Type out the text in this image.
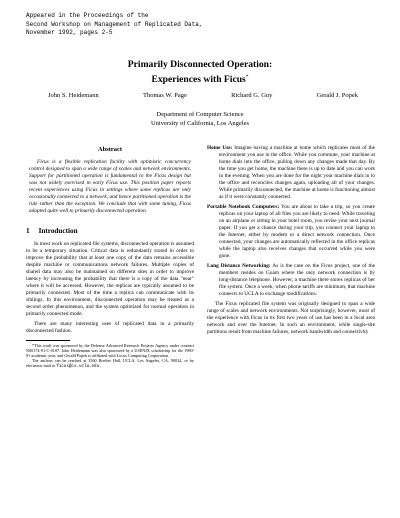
Appeared in the Proceedings of the
Second Workshop on Management of Replicated Data,
November 1992, pages 2-5
Primarily Disconnected Operation:
Experiences with Ficus*
John S. Heidemann	Thomas W. Page	Richard G. Guy	Gerald J. Popek
Department of Computer Science
University of California, Los Angeles
Abstract

Ficus is a flexible replication facility with optimistic concurrency control designed to span a wide range of scales and network environments. Support for partitioned operation is fundamental to the Ficus design but was not widely exercised in early Ficus use. This position paper reports recent experiences using Ficus in settings where some replicas are only occasionally connected to a network, and hence partitioned operation is the rule rather than the exception. We conclude that with some tuning, Ficus adapted quite well to primarily disconnected operation.

1 Introduction

In most work on replicated file systems, disconnected operation is assumed to be a temporary situation. Critical data is redundantly stored in order to improve the probability that at least one copy of the data remains accessible despite machine or communications network failures. Multiple copies of shared data may also be maintained on different sites in order to improve latency by increasing the probability that there is a copy of the data "near" where it will be accessed. However, the replicas are typically assumed to be primarily connected. Most of the time a replica can communicate with its siblings. In this environment, disconnected operation may be treated as a second order phenomenon, and the system optimized for normal operation in primarily connected mode.

There are many interesting uses of replicated data in a primarily disconnected fashion.

*This work was sponsored by the Defense Advanced Research Projects Agency under contract N00174-91-C-0107. John Heidemann was also sponsored by a USENIX scholarship for the 1990-91 academic year, and Gerald Popek is affiliated with Locus Computing Corporation.

The authors can be reached at 3560 Boelter Hall, UCLA, Los Angeles, CA, 90024, or by electronic mail to ficus@cs.ucla.edu.

Home Use: Imagine having a machine at home which replicates most of the environment you use in the office. While you commute, your machine at home dials into the office, pulling down any changes made that day. By the time you get home, the machine there is up to date and you can work in the evening. When you are done for the night your machine dials in to the office and reconciles changes again, uploading all of your changes. While primarily disconnected, the machine at home is functioning almost as if it were constantly connected.

Portable Notebook Computers: You are about to take a trip, so you create replicas on your laptop of all files you are likely to need. While traveling on an airplane or sitting in your hotel room, you revise your next journal paper. If you get a chance during your trip, you connect your laptop to the Internet, either by modem or a direct network connection. Once connected, your changes are automatically reflected in the office replicas while the laptop also receives changes that occurred while you were gone.

Long Distance Networking: As is the case on the Ficus project, one of the members resides on Guam where the only network connection is by long-distance telephone. However, a machine there stores replicas of her file system. Once a week, when phone tariffs are minimum, that machine connects to UCLA to exchange modifications.

The Ficus replicated file system was originally designed to span a wide range of scales and network environments. Not surprisingly, however, most of the experience with Ficus in its first two years of use has been in a local area network and over the Internet. In such an environment, while single-site partitions result from machine failures, network bandwidth and connectivity
